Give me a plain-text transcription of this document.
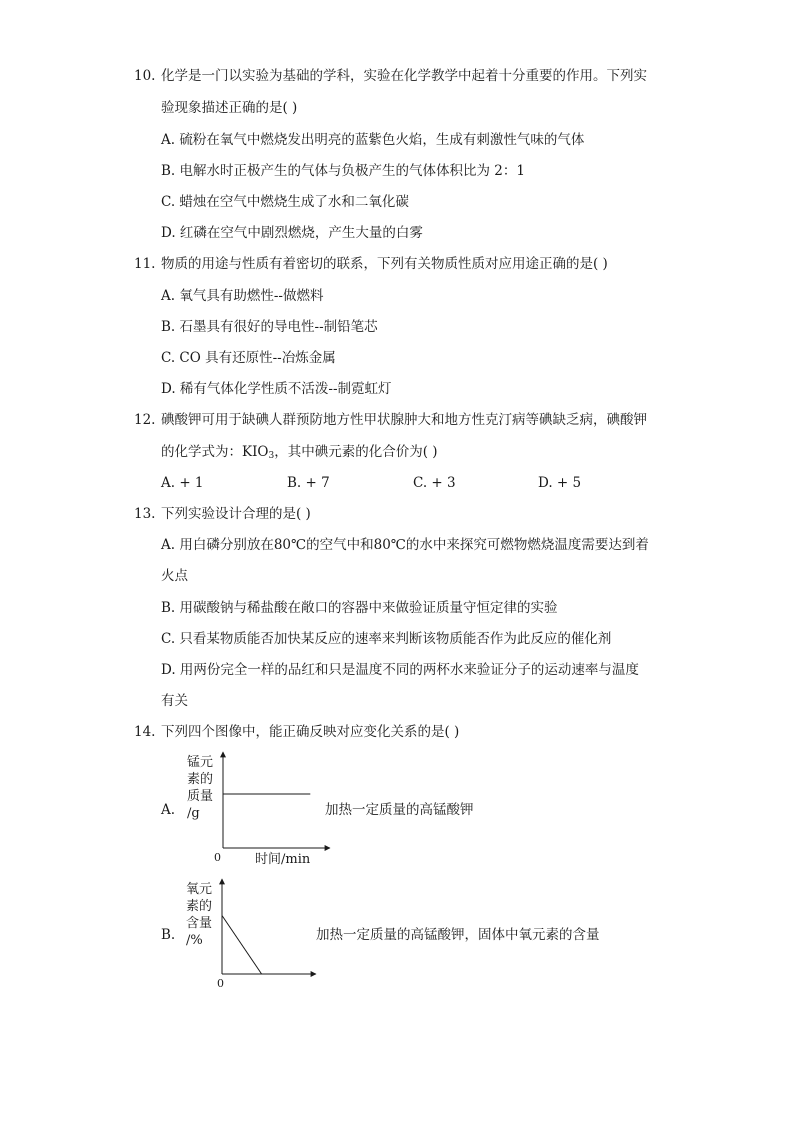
10. 化学是一门以实验为基础的学科，实验在化学教学中起着十分重要的作用。下列实
验现象描述正确的是( )
A. 硫粉在氧气中燃烧发出明亮的蓝紫色火焰，生成有刺激性气味的气体
B. 电解水时正极产生的气体与负极产生的气体体积比为 2：1
C. 蜡烛在空气中燃烧生成了水和二氧化碳
D. 红磷在空气中剧烈燃烧，产生大量的白雾
11. 物质的用途与性质有着密切的联系，下列有关物质性质对应用途正确的是( )
A. 氧气具有助燃性--做燃料
B. 石墨具有很好的导电性--制铅笔芯
C. CO 具有还原性--冶炼金属
D. 稀有气体化学性质不活泼--制霓虹灯
12. 碘酸钾可用于缺碘人群预防地方性甲状腺肿大和地方性克汀病等碘缺乏病，碘酸钾
的化学式为：$KIO_3$，其中碘元素的化合价为( )
A. + 1	B. + 7	C. + 3	D. + 5
13. 下列实验设计合理的是( )
A. 用白磷分别放在80℃的空气中和80℃的水中来探究可燃物燃烧温度需要达到着
火点
B. 用碳酸钠与稀盐酸在敞口的容器中来做验证质量守恒定律的实验
C. 只看某物质能否加快某反应的速率来判断该物质能否作为此反应的催化剂
D. 用两份完全一样的品红和只是温度不同的两杯水来验证分子的运动速率与温度
有关
14. 下列四个图像中，能正确反映对应变化关系的是( )
A.
锰元
素的
质量
/g
0	时间/min
加热一定质量的高锰酸钾
B.
氧元
素的
含量
/%
0
加热一定质量的高锰酸钾，固体中氧元素的含量
